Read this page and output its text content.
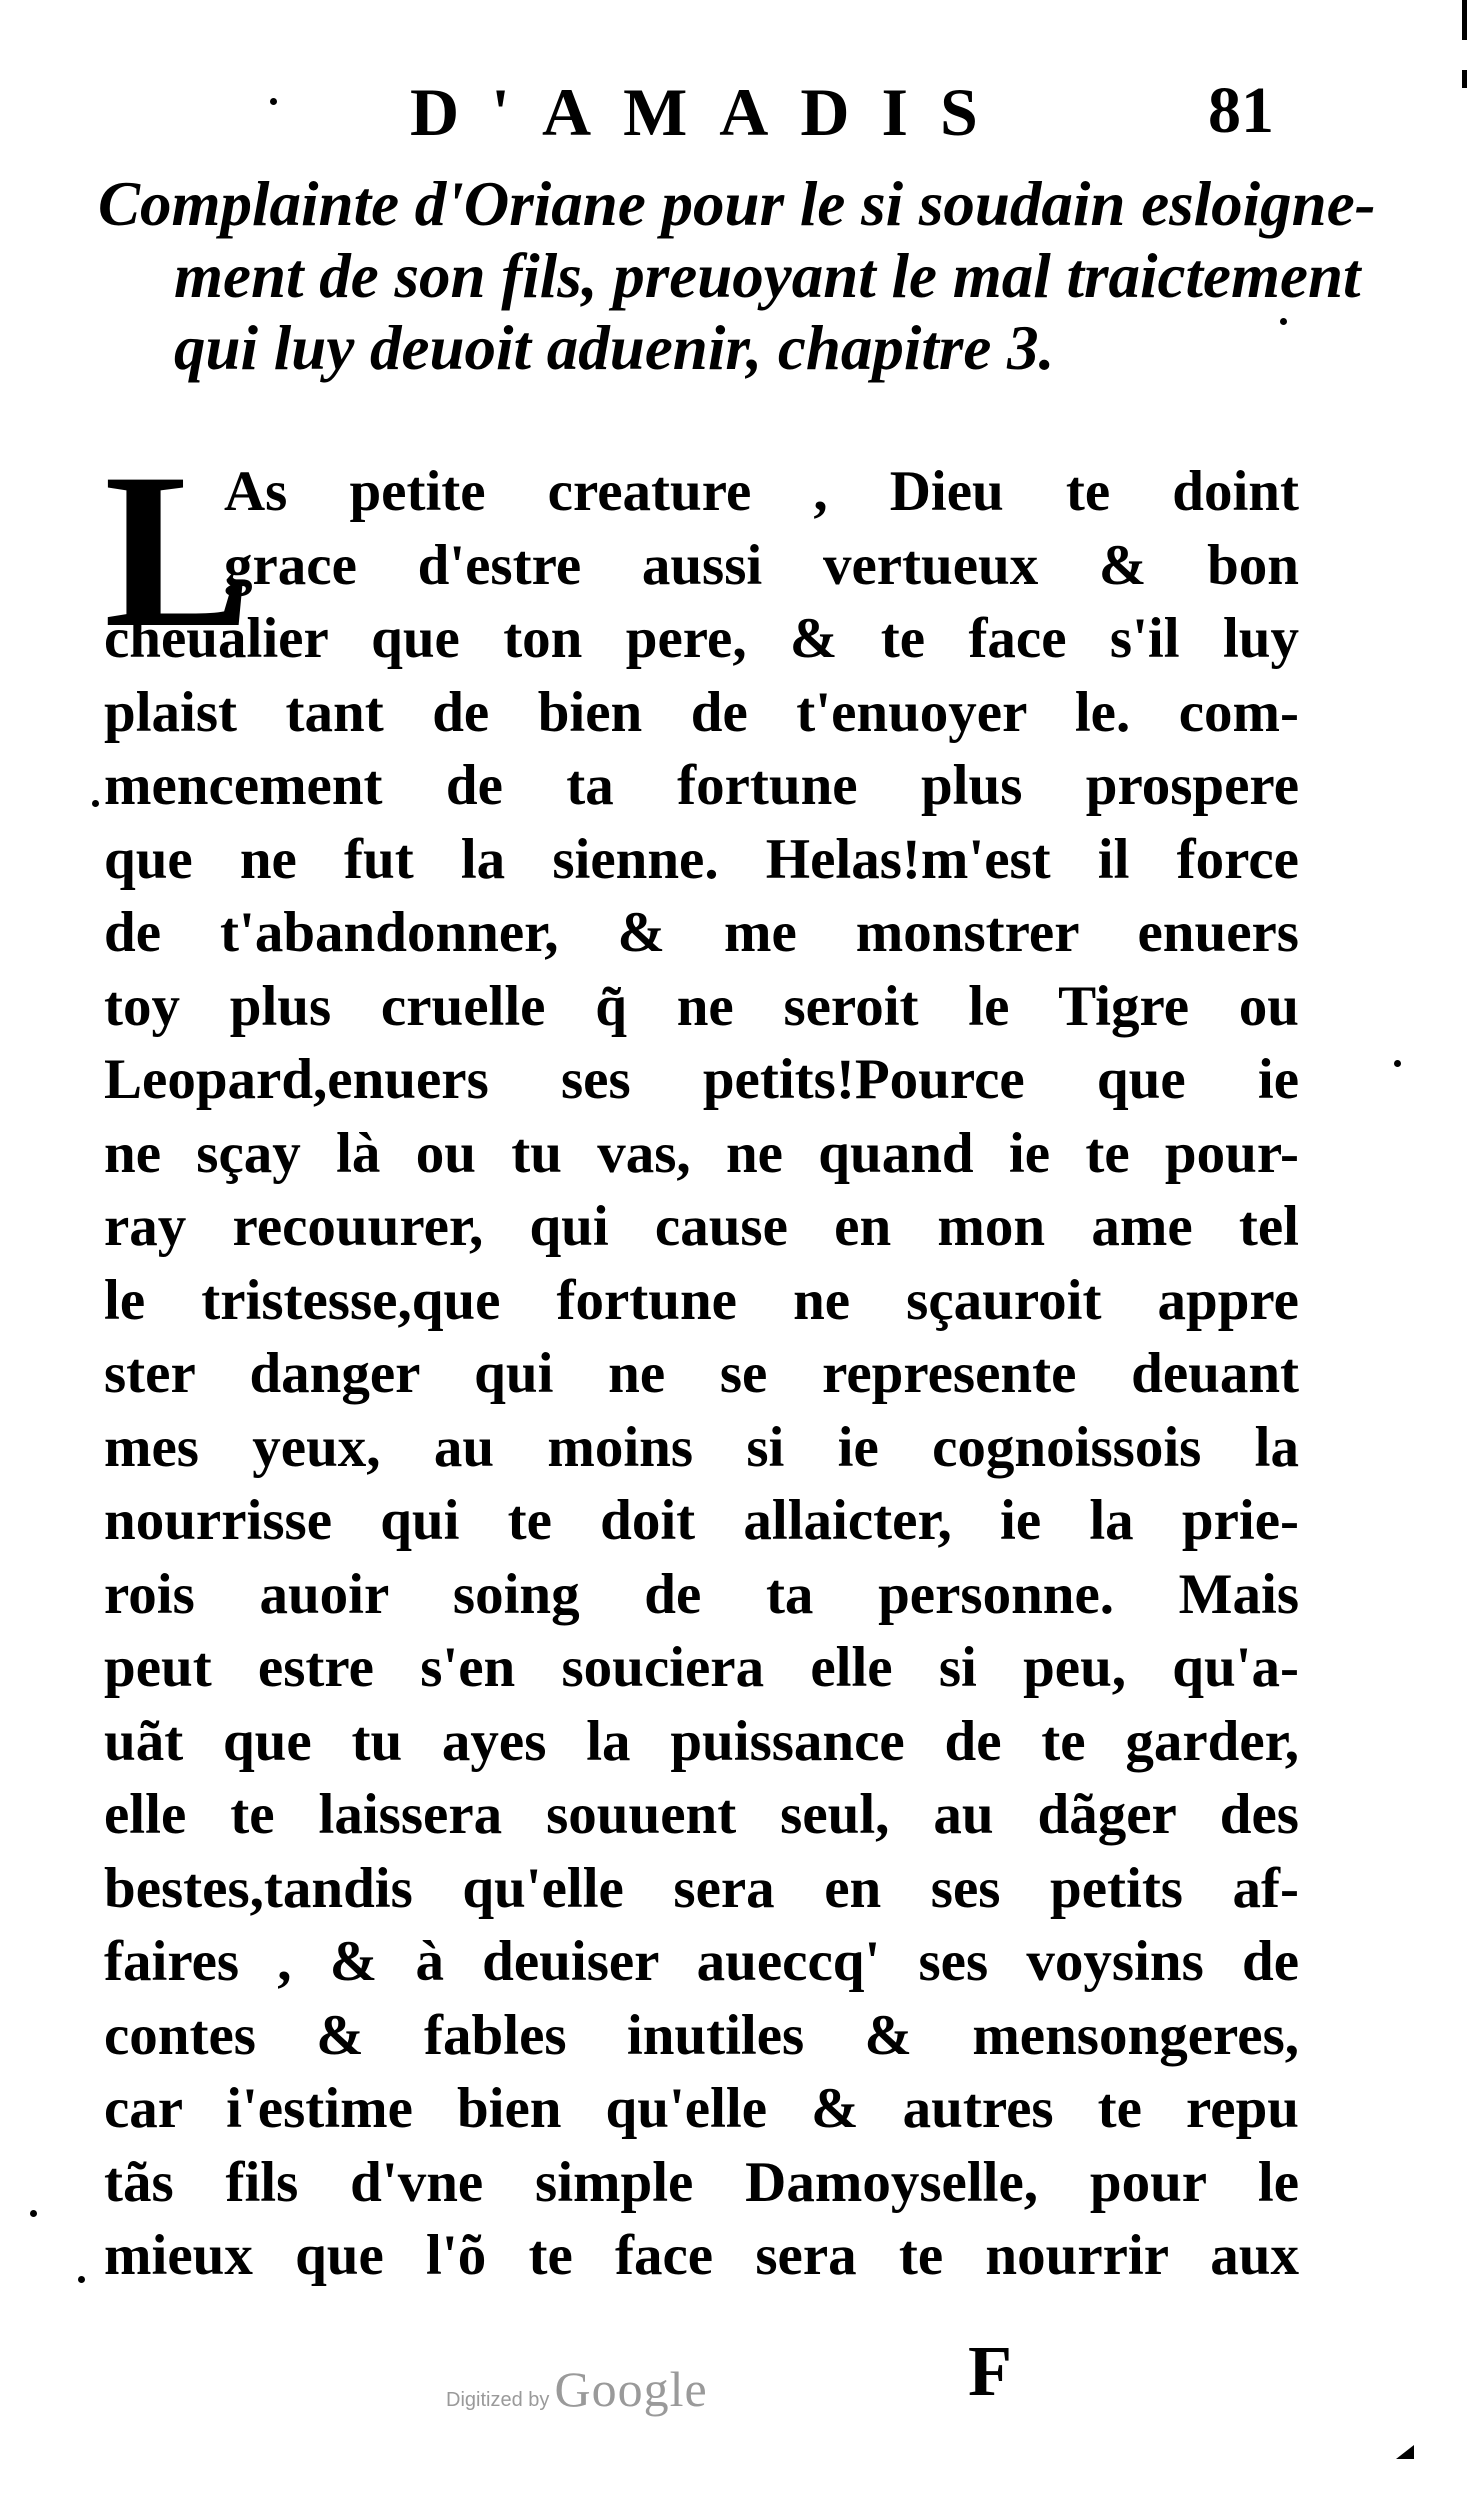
D'AMADIS	81
Complainte d'Oriane pour le si soudain esloigne-
ment de son fils, preuoyant le mal traictement
qui luy deuoit aduenir, chapitre 3.
L
As petite creature , Dieu te doint
grace d'estre aussi vertueux & bon
cheualier que ton pere, & te face s'il luy
plaist tant de bien de t'enuoyer le. com-
mencement de ta fortune plus prospere
que ne fut la sienne. Helas!m'est il force
de t'abandonner, & me monstrer enuers
toy plus cruelle q̃ ne seroit le Tigre ou
Leopard,enuers ses petits!Pource que ie
ne sçay là ou tu vas, ne quand ie te pour-
ray recouurer, qui cause en mon ame tel
le tristesse,que fortune ne sçauroit appre
ster danger qui ne se represente deuant
mes yeux, au moins si ie cognoissois la
nourrisse qui te doit allaicter, ie la prie-
rois auoir soing de ta personne. Mais
peut estre s'en souciera elle si peu, qu'a-
uãt que tu ayes la puissance de te garder,
elle te laissera souuent seul, au dãger des
bestes,tandis qu'elle sera en ses petits af-
faires , & à deuiser aueccq' ses voysins de
contes & fables inutiles & mensongeres,
car i'estime bien qu'elle & autres te repu
tãs fils d'vne simple Damoyselle, pour le
mieux que l'õ te face sera te nourrir aux
Digitized by Google	F
